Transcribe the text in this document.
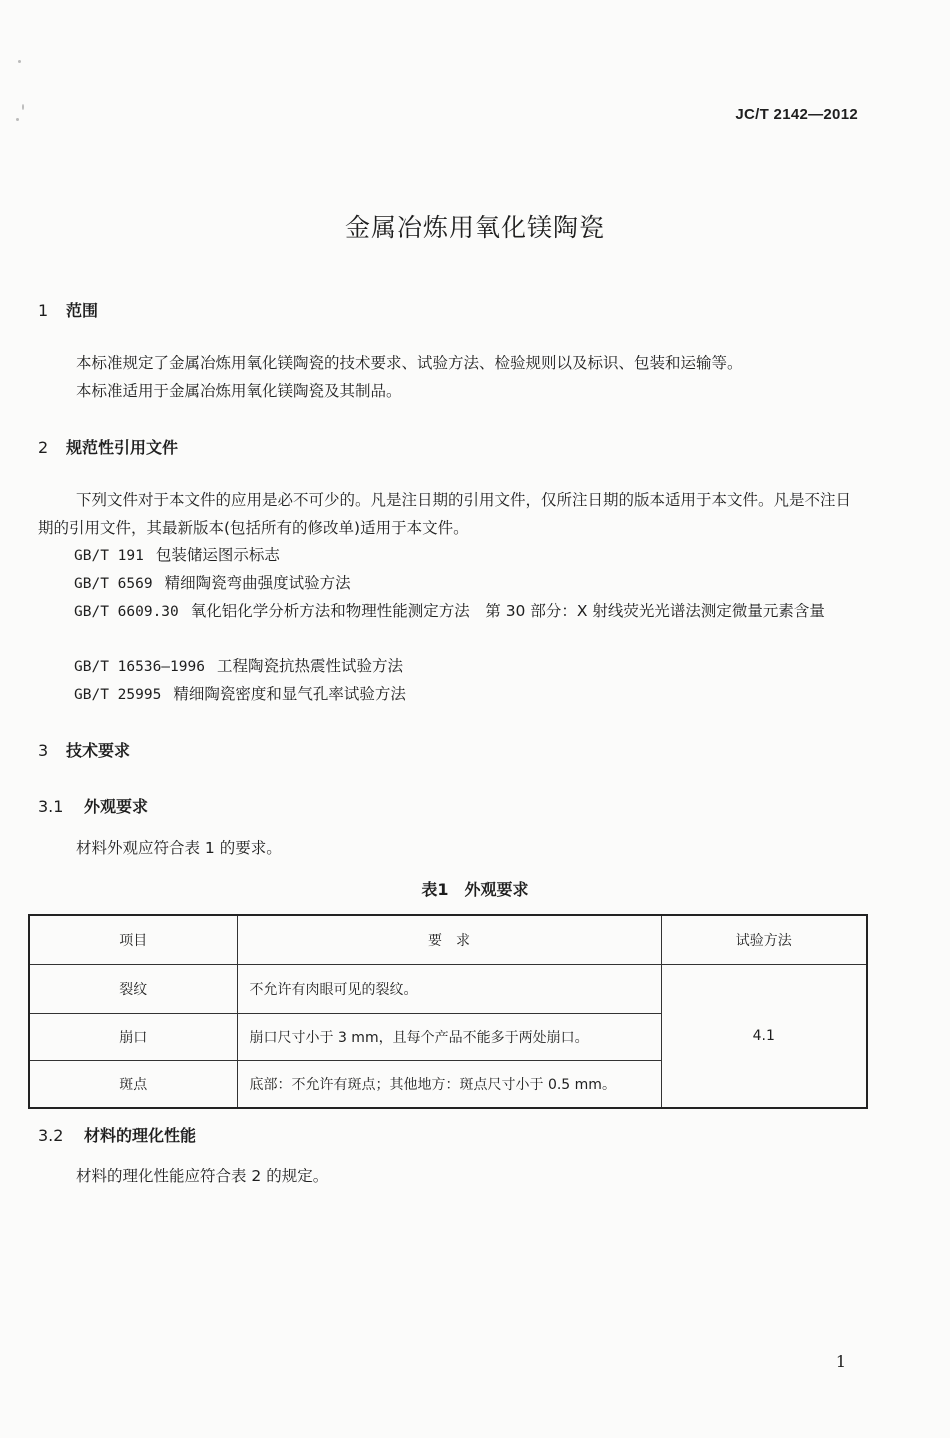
JC/T 2142—2012
金属冶炼用氧化镁陶瓷
1 范围
本标准规定了金属冶炼用氧化镁陶瓷的技术要求、试验方法、检验规则以及标识、包装和运输等。
本标准适用于金属冶炼用氧化镁陶瓷及其制品。
2 规范性引用文件
下列文件对于本文件的应用是必不可少的。凡是注日期的引用文件，仅所注日期的版本适用于本文件。凡是不注日期的引用文件，其最新版本(包括所有的修改单)适用于本文件。
GB/T 191 包装储运图示标志
GB/T 6569 精细陶瓷弯曲强度试验方法
GB/T 6609.30 氧化铝化学分析方法和物理性能测定方法　第 30 部分：X 射线荧光光谱法测定微量元素含量
GB/T 16536—1996 工程陶瓷抗热震性试验方法
GB/T 25995 精细陶瓷密度和显气孔率试验方法
3 技术要求
3.1 外观要求
材料外观应符合表 1 的要求。
表1　外观要求
项目	要　求	试验方法
裂纹	不允许有肉眼可见的裂纹。	4.1
崩口	崩口尺寸小于 3 mm，且每个产品不能多于两处崩口。	
斑点	底部：不允许有斑点；其他地方：斑点尺寸小于 0.5 mm。	
3.2 材料的理化性能
材料的理化性能应符合表 2 的规定。
1
